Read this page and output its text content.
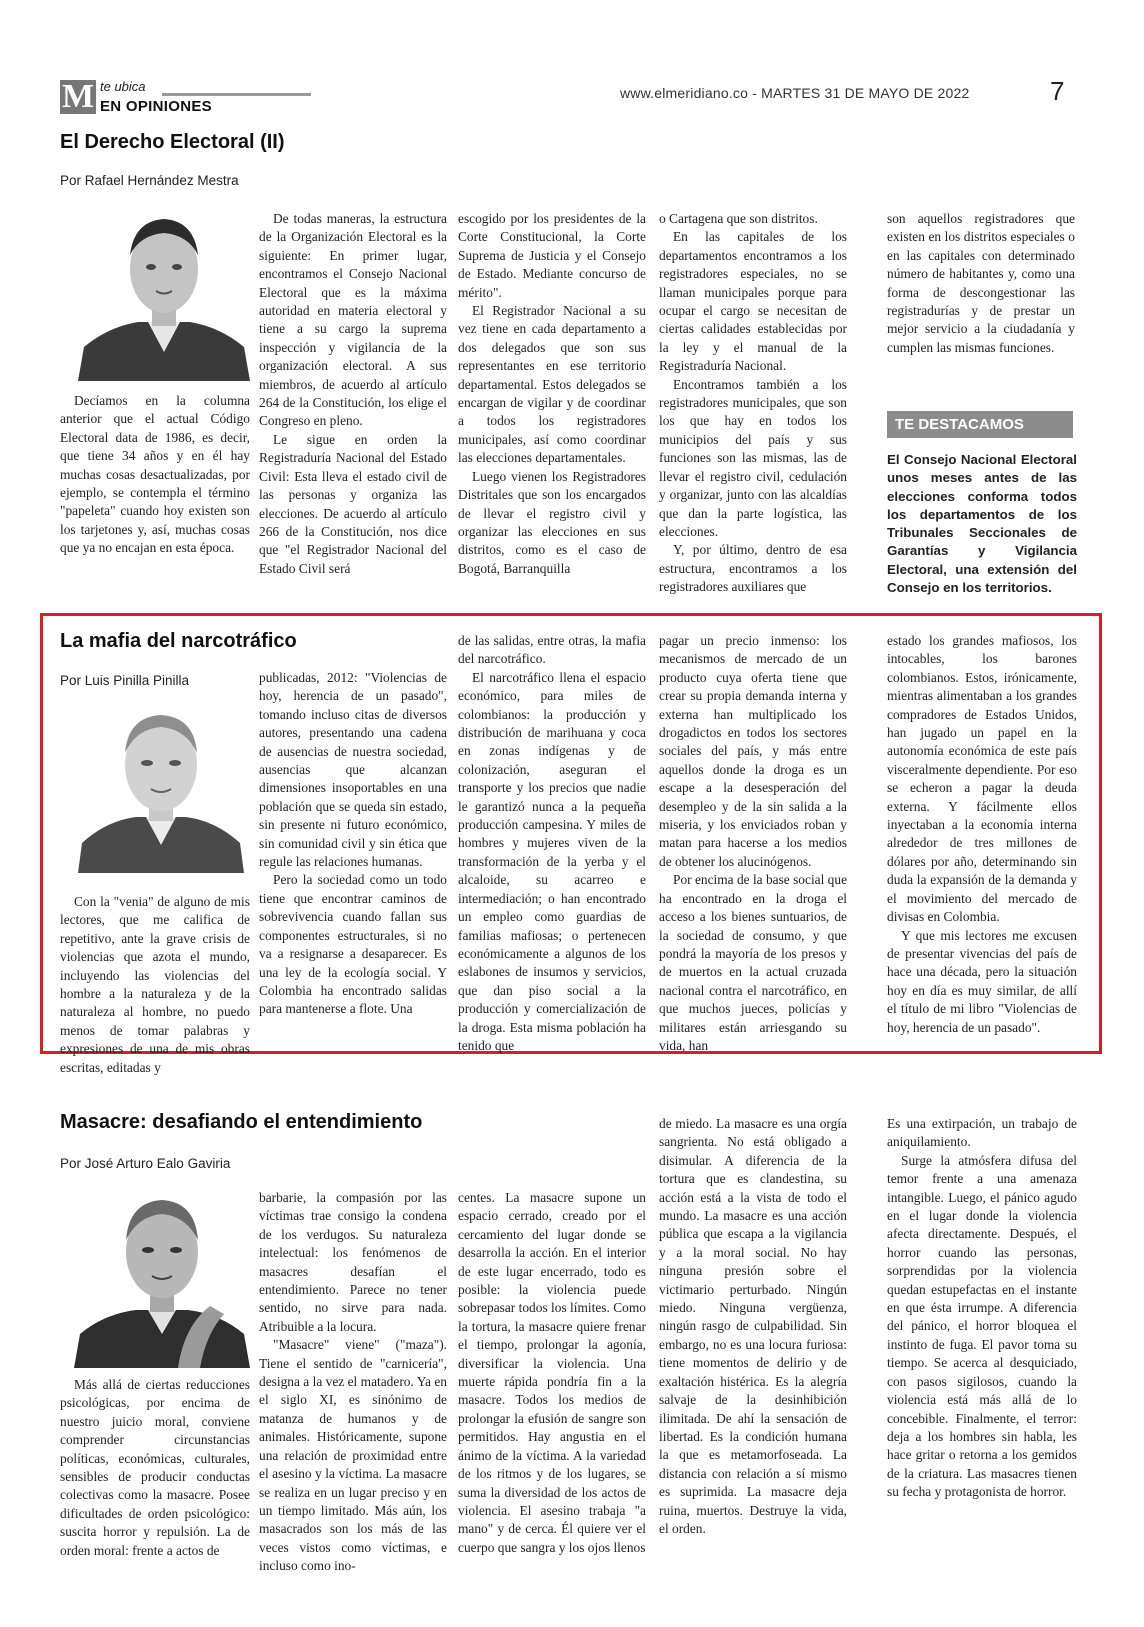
M te ubica
EN OPINIONES
www.elmeridiano.co - MARTES 31 DE MAYO DE 2022	7
El Derecho Electoral (II)
Por Rafael Hernández Mestra

Decíamos en la columna anterior que el actual Código Electoral data de 1986, es decir, que tiene 34 años y en él hay muchas cosas desactualizadas, por ejemplo, se contempla el término "papeleta" cuando hoy existen son los tarjetones y, así, muchas cosas que ya no encajan en esta época.

De todas maneras, la estructura de la Organización Electoral es la siguiente: En primer lugar, encontramos el Consejo Nacional Electoral que es la máxima autoridad en materia electoral y tiene a su cargo la suprema inspección y vigilancia de la organización electoral. A sus miembros, de acuerdo al artículo 264 de la Constitución, los elige el Congreso en pleno.

Le sigue en orden la Registraduría Nacional del Estado Civil: Esta lleva el estado civil de las personas y organiza las elecciones. De acuerdo al artículo 266 de la Constitución, nos dice que "el Registrador Nacional del Estado Civil será

escogido por los presidentes de la Corte Constitucional, la Corte Suprema de Justicia y el Consejo de Estado. Mediante concurso de mérito".

El Registrador Nacional a su vez tiene en cada departamento a dos delegados que son sus representantes en ese territorio departamental. Estos delegados se encargan de vigilar y de coordinar a todos los registradores municipales, así como coordinar las elecciones departamentales.

Luego vienen los Registradores Distritales que son los encargados de llevar el registro civil y organizar las elecciones en sus distritos, como es el caso de Bogotá, Barranquilla

o Cartagena que son distritos.

En las capitales de los departamentos encontramos a los registradores especiales, no se llaman municipales porque para ocupar el cargo se necesitan de ciertas calidades establecidas por la ley y el manual de la Registraduría Nacional.

Encontramos también a los registradores municipales, que son los que hay en todos los municipios del país y sus funciones son las mismas, las de llevar el registro civil, cedulación y organizar, junto con las alcaldías que dan la parte logística, las elecciones.

Y, por último, dentro de esa estructura, encontramos a los registradores auxiliares que

son aquellos registradores que existen en los distritos especiales o en las capitales con determinado número de habitantes y, como una forma de descongestionar las registradurías y de prestar un mejor servicio a la ciudadanía y cumplen las mismas funciones.

TE DESTACAMOS
El Consejo Nacional Electoral unos meses antes de las elecciones conforma todos los departamentos de los Tribunales Seccionales de Garantías y Vigilancia Electoral, una extensión del Consejo en los territorios.
La mafia del narcotráfico
Por Luis Pinilla Pinilla

Con la "venia" de alguno de mis lectores, que me califica de repetitivo, ante la grave crisis de violencias que azota el mundo, incluyendo las violencias del hombre a la naturaleza y de la naturaleza al hombre, no puedo menos de tomar palabras y expresiones de una de mis obras escritas, editadas y

publicadas, 2012: "Violencias de hoy, herencia de un pasado", tomando incluso citas de diversos autores, presentando una cadena de ausencias de nuestra sociedad, ausencias que alcanzan dimensiones insoportables en una población que se queda sin estado, sin presente ni futuro económico, sin comunidad civil y sin ética que regule las relaciones humanas.

Pero la sociedad como un todo tiene que encontrar caminos de sobrevivencia cuando fallan sus componentes estructurales, si no va a resignarse a desaparecer. Es una ley de la ecología social. Y Colombia ha encontrado salidas para mantenerse a flote. Una

de las salidas, entre otras, la mafia del narcotráfico.

El narcotráfico llena el espacio económico, para miles de colombianos: la producción y distribución de marihuana y coca en zonas indígenas y de colonización, aseguran el transporte y los precios que nadie le garantizó nunca a la pequeña producción campesina. Y miles de hombres y mujeres viven de la transformación de la yerba y el alcaloide, su acarreo e intermediación; o han encontrado un empleo como guardias de familias mafiosas; o pertenecen económicamente a algunos de los eslabones de insumos y servicios, que dan piso social a la producción y comercialización de la droga. Esta misma población ha tenido que

pagar un precio inmenso: los mecanismos de mercado de un producto cuya oferta tiene que crear su propia demanda interna y externa han multiplicado los drogadictos en todos los sectores sociales del país, y más entre aquellos donde la droga es un escape a la desesperación del desempleo y de la sin salida a la miseria, y los enviciados roban y matan para hacerse a los medios de obtener los alucinógenos.

Por encima de la base social que ha encontrado en la droga el acceso a los bienes suntuarios, de la sociedad de consumo, y que pondrá la mayoría de los presos y de muertos en la actual cruzada nacional contra el narcotráfico, en que muchos jueces, policías y militares están arriesgando su vida, han

estado los grandes mafiosos, los intocables, los barones colombianos. Estos, irónicamente, mientras alimentaban a los grandes compradores de Estados Unidos, han jugado un papel en la autonomía económica de este país visceralmente dependiente. Por eso se echeron a pagar la deuda externa. Y fácilmente ellos inyectaban a la economía interna alrededor de tres millones de dólares por año, determinando sin duda la expansión de la demanda y el movimiento del mercado de divisas en Colombia.

Y que mis lectores me excusen de presentar vivencias del país de hace una década, pero la situación hoy en día es muy similar, de allí el título de mi libro "Violencias de hoy, herencia de un pasado".

Masacre: desafiando el entendimiento
Por José Arturo Ealo Gaviria

Más allá de ciertas reducciones psicológicas, por encima de nuestro juicio moral, conviene comprender circunstancias políticas, económicas, culturales, sensibles de producir conductas colectivas como la masacre. Posee dificultades de orden psicológico: suscita horror y repulsión. La de orden moral: frente a actos de

barbarie, la compasión por las víctimas trae consigo la condena de los verdugos. Su naturaleza intelectual: los fenómenos de masacres desafían el entendimiento. Parece no tener sentido, no sirve para nada. Atribuible a la locura.

"Masacre" viene" ("maza"). Tiene el sentido de "carnicería", designa a la vez el matadero. Ya en el siglo XI, es sinónimo de matanza de humanos y de animales. Históricamente, supone una relación de proximidad entre el asesino y la víctima. La masacre se realiza en un lugar preciso y en un tiempo limitado. Más aún, los masacrados son los más de las veces vistos como víctimas, e incluso como ino-

centes. La masacre supone un espacio cerrado, creado por el cercamiento del lugar donde se desarrolla la acción. En el interior de este lugar encerrado, todo es posible: la violencia puede sobrepasar todos los límites. Como la tortura, la masacre quiere frenar el tiempo, prolongar la agonía, diversificar la violencia. Una muerte rápida pondría fin a la masacre. Todos los medios de prolongar la efusión de sangre son permitidos. Hay angustia en el ánimo de la víctima. A la variedad de los ritmos y de los lugares, se suma la diversidad de los actos de violencia. El asesino trabaja "a mano" y de cerca. Él quiere ver el cuerpo que sangra y los ojos llenos

de miedo. La masacre es una orgía sangrienta. No está obligado a disimular. A diferencia de la tortura que es clandestina, su acción está a la vista de todo el mundo. La masacre es una acción pública que escapa a la vigilancia y a la moral social. No hay ninguna presión sobre el victimario perturbado. Ningún miedo. Ninguna vergüenza, ningún rasgo de culpabilidad. Sin embargo, no es una locura furiosa: tiene momentos de delirio y de exaltación histérica. Es la alegría salvaje de la desinhibición ilimitada. De ahí la sensación de libertad. Es la condición humana la que es metamorfoseada. La distancia con relación a sí mismo es suprimida. La masacre deja ruina, muertos. Destruye la vida, el orden.

Es una extirpación, un trabajo de aniquilamiento.

Surge la atmósfera difusa del temor frente a una amenaza intangible. Luego, el pánico agudo en el lugar donde la violencia afecta directamente. Después, el horror cuando las personas, sorprendidas por la violencia quedan estupefactas en el instante en que ésta irrumpe. A diferencia del pánico, el horror bloquea el instinto de fuga. El pavor toma su tiempo. Se acerca al desquiciado, con pasos sigilosos, cuando la violencia está más allá de lo concebible. Finalmente, el terror: deja a los hombres sin habla, les hace gritar o retorna a los gemidos de la criatura. Las masacres tienen su fecha y protagonista de horror.
